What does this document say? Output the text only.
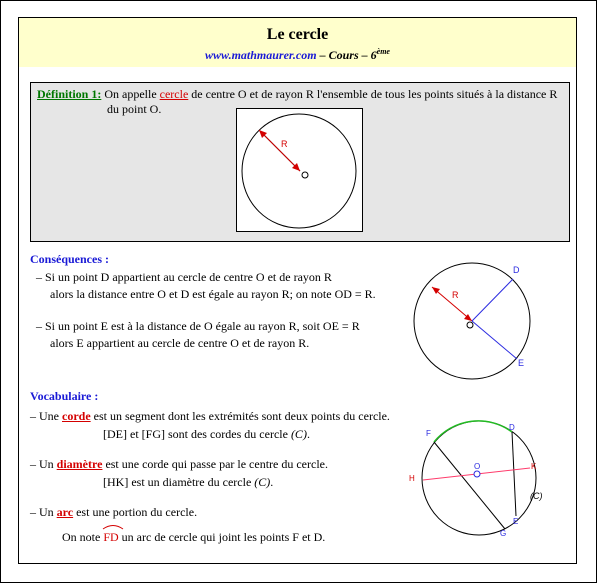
Le cercle
www.mathmaurer.com – Cours – 6ème
Définition 1: On appelle cercle de centre O et de rayon R l'ensemble de tous les points situés à la distance R
du point O.
R
Conséquences :
– Si un point D appartient au cercle de centre O et de rayon R
alors la distance entre O et D est égale au rayon R; on note OD = R.
– Si un point E est à la distance de O égale au rayon R, soit OE = R
alors E appartient au cercle de centre O et de rayon R.
R
D
E
Vocabulaire :
– Une corde est un segment dont les extrémités sont deux points du cercle.
[DE] et [FG] sont des cordes du cercle (C).
– Un diamètre est une corde qui passe par le centre du cercle.
[HK] est un diamètre du cercle (C).
– Un arc est une portion du cercle.
On note
FD un arc de cercle qui joint les points F et D.
O
F
D
H
K
E
G
(C)
